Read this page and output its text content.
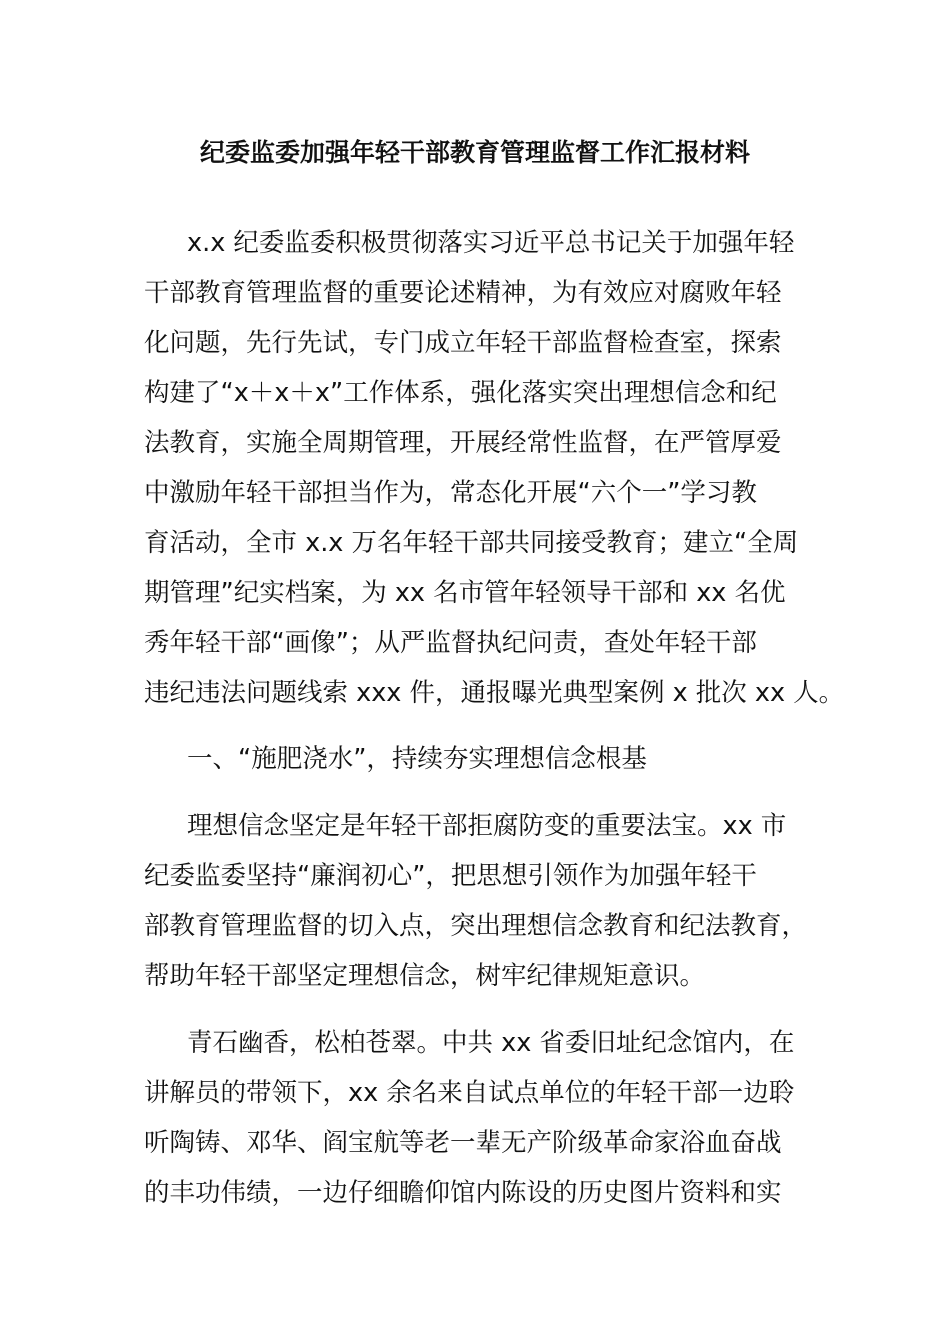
纪委监委加强年轻干部教育管理监督工作汇报材料
x.x 纪委监委积极贯彻落实习近平总书记关于加强年轻
干部教育管理监督的重要论述精神，为有效应对腐败年轻
化问题，先行先试，专门成立年轻干部监督检查室，探索
构建了“x＋x＋x”工作体系，强化落实突出理想信念和纪
法教育，实施全周期管理，开展经常性监督，在严管厚爱
中激励年轻干部担当作为，常态化开展“六个一”学习教
育活动，全市 x.x 万名年轻干部共同接受教育；建立“全周
期管理”纪实档案，为 xx 名市管年轻领导干部和 xx 名优
秀年轻干部“画像”；从严监督执纪问责，查处年轻干部
违纪违法问题线索 xxx 件，通报曝光典型案例 x 批次 xx 人。
一、“施肥浇水”，持续夯实理想信念根基
理想信念坚定是年轻干部拒腐防变的重要法宝。xx 市
纪委监委坚持“廉润初心”，把思想引领作为加强年轻干
部教育管理监督的切入点，突出理想信念教育和纪法教育，
帮助年轻干部坚定理想信念，树牢纪律规矩意识。
青石幽香，松柏苍翠。中共 xx 省委旧址纪念馆内，在
讲解员的带领下，xx 余名来自试点单位的年轻干部一边聆
听陶铸、邓华、阎宝航等老一辈无产阶级革命家浴血奋战
的丰功伟绩，一边仔细瞻仰馆内陈设的历史图片资料和实
